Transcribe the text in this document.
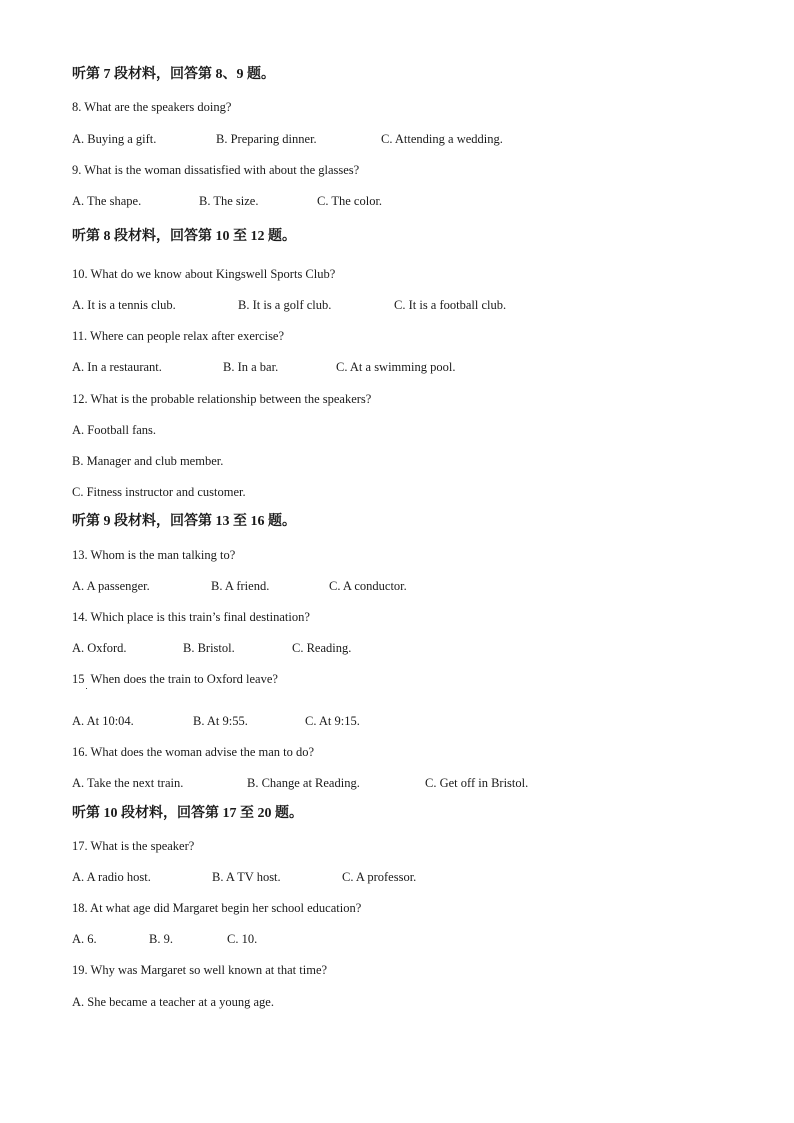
听第 7 段材料，回答第 8、9 题。
8. What are the speakers doing?
A. Buying a gift.	B. Preparing dinner.	C. Attending a wedding.
9. What is the woman dissatisfied with about the glasses?
A. The shape.	B. The size.	C. The color.
听第 8 段材料，回答第 10 至 12 题。
10. What do we know about Kingswell Sports Club?
A. It is a tennis club.	B. It is a golf club.	C. It is a football club.
11. Where can people relax after exercise?
A. In a restaurant.	B. In a bar.	C. At a swimming pool.
12. What is the probable relationship between the speakers?
A. Football fans.
B. Manager and club member.
C. Fitness instructor and customer.
听第 9 段材料，回答第 13 至 16 题。
13. Whom is the man talking to?
A. A passenger.	B. A friend.	C. A conductor.
14. Which place is this train’s final destination?
A. Oxford.	B. Bristol.	C. Reading.
15  When does the train to Oxford leave?
A. At 10:04.	B. At 9:55.	C. At 9:15.
16. What does the woman advise the man to do?
A. Take the next train.	B. Change at Reading.	C. Get off in Bristol.
听第 10 段材料，回答第 17 至 20 题。
17. What is the speaker?
A. A radio host.	B. A TV host.	C. A professor.
18. At what age did Margaret begin her school education?
A. 6.	B. 9.	C. 10.
19. Why was Margaret so well known at that time?
A. She became a teacher at a young age.
